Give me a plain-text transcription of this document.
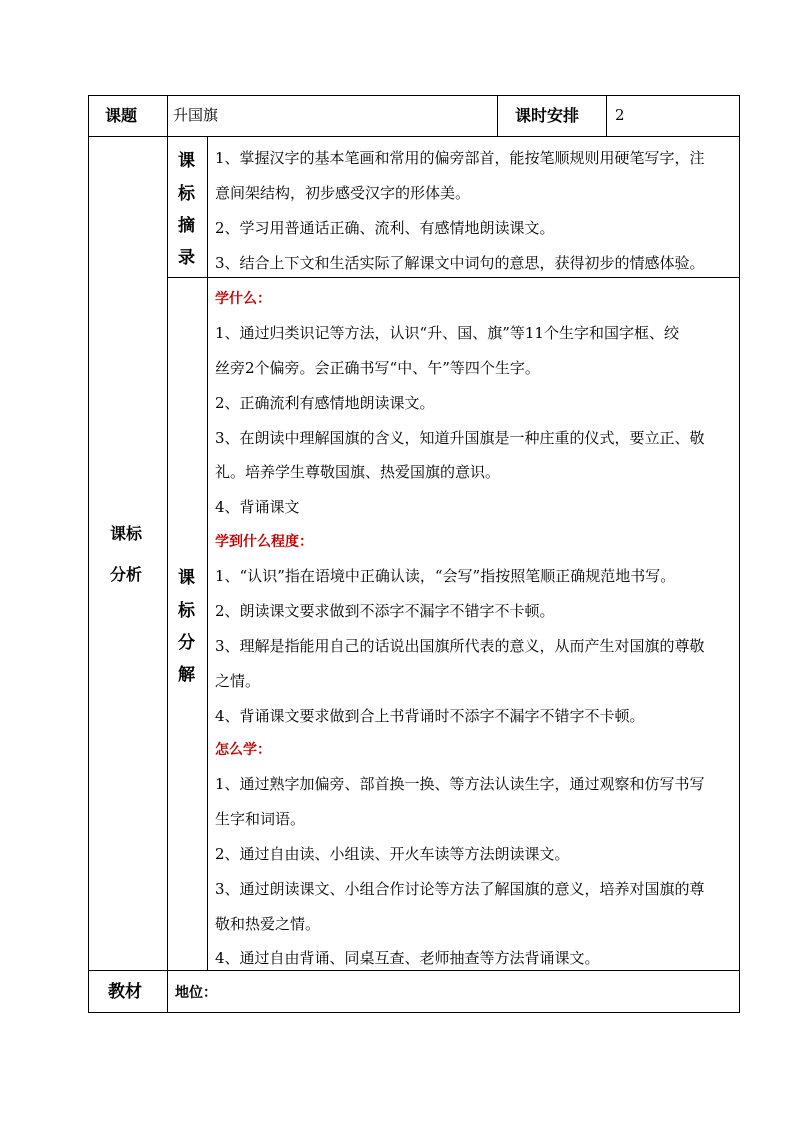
课题 升国旗	课时安排 2
课标
分析
课
标
摘
录
1、掌握汉字的基本笔画和常用的偏旁部首，能按笔顺规则用硬笔写字，注
意间架结构，初步感受汉字的形体美。
2、学习用普通话正确、流利、有感情地朗读课文。
3、结合上下文和生活实际了解课文中词句的意思，获得初步的情感体验。
课
标
分
解
学什么：
1、通过归类识记等方法，认识“升、国、旗”等11个生字和国字框、绞
丝旁2个偏旁。会正确书写“中、午”等四个生字。
2、正确流利有感情地朗读课文。
3、在朗读中理解国旗的含义，知道升国旗是一种庄重的仪式，要立正、敬
礼。培养学生尊敬国旗、热爱国旗的意识。
4、背诵课文
学到什么程度：
1、“认识”指在语境中正确认读，“会写”指按照笔顺正确规范地书写。
2、朗读课文要求做到不添字不漏字不错字不卡顿。
3、理解是指能用自己的话说出国旗所代表的意义，从而产生对国旗的尊敬
之情。
4、背诵课文要求做到合上书背诵时不添字不漏字不错字不卡顿。
怎么学：
1、通过熟字加偏旁、部首换一换、等方法认读生字，通过观察和仿写书写
生字和词语。
2、通过自由读、小组读、开火车读等方法朗读课文。
3、通过朗读课文、小组合作讨论等方法了解国旗的意义，培养对国旗的尊
敬和热爱之情。
4、通过自由背诵、同桌互查、老师抽查等方法背诵课文。
教材 地位：
